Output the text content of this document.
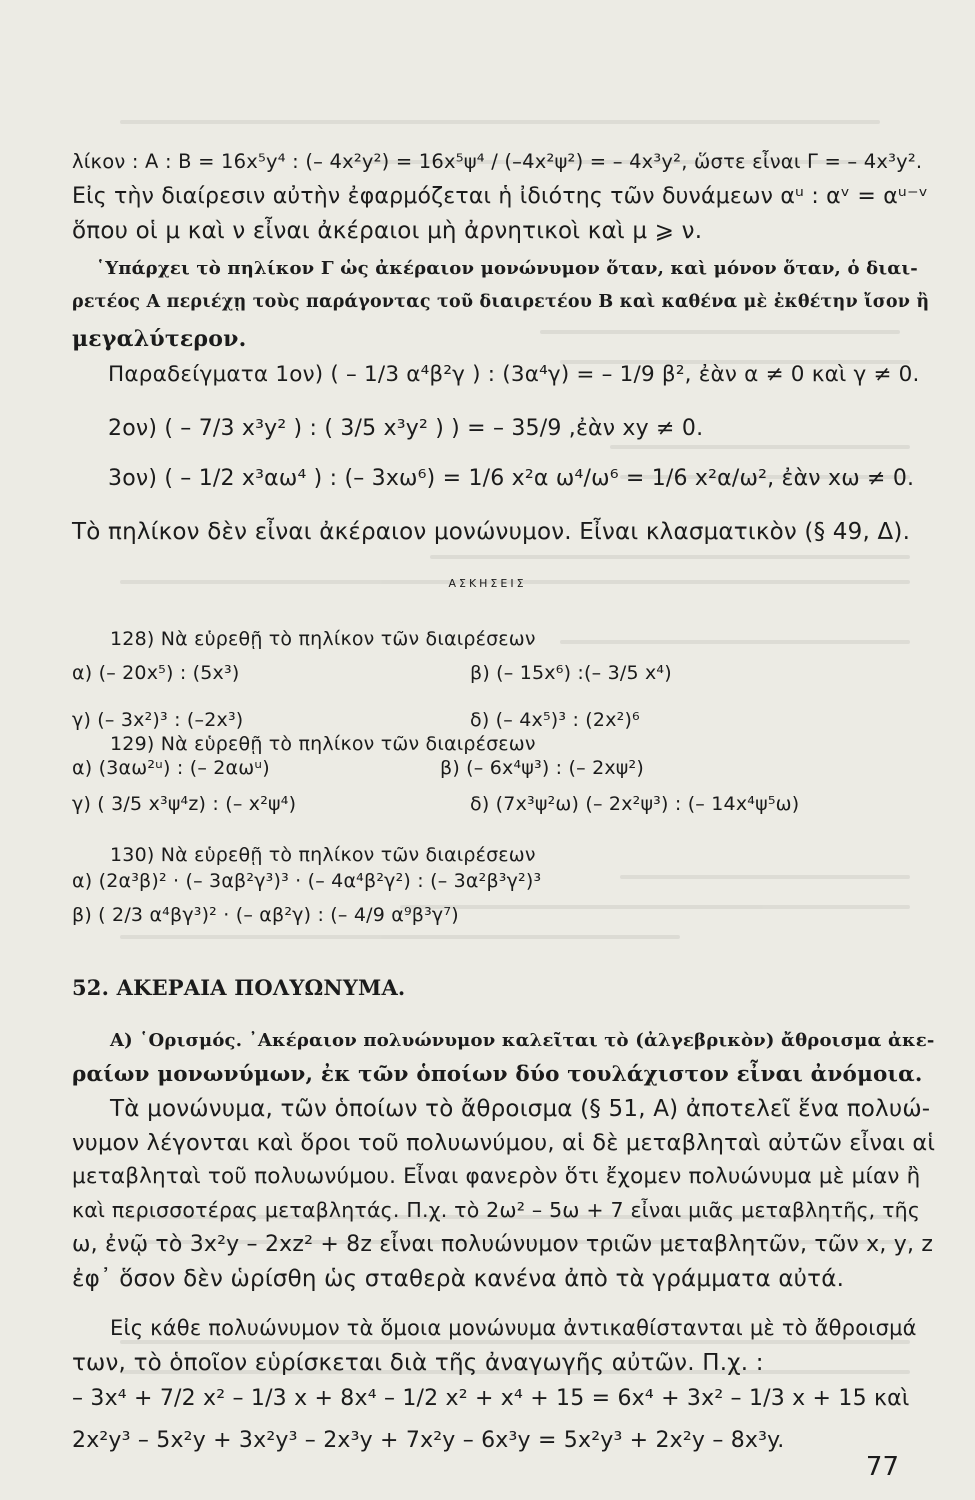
λίκον : Α : Β = 16x⁵y⁴ : (– 4x²y²) = 16x⁵ψ⁴ / (–4x²ψ²) = – 4x³y², ὥστε εἶναι Γ = – 4x³y².
Εἰς τὴν διαίρεσιν αὐτὴν ἐφαρμόζεται ἡ ἰδιότης τῶν δυνάμεων αᵘ : αᵛ = αᵘ⁻ᵛ
ὅπου οἱ μ καὶ ν εἶναι ἀκέραιοι μὴ ἀρνητικοὶ καὶ μ ⩾ ν.
῾Υπάρχει τὸ πηλίκον Γ ὡς ἀκέραιον μονώνυμον ὅταν, καὶ μόνον ὅταν, ὁ διαι-
ρετέος Α περιέχῃ τοὺς παράγοντας τοῦ διαιρετέου Β καὶ καθένα μὲ ἐκθέτην ἴσον ἢ
μεγαλύτερον.
Παραδείγματα 1ον) ( – 1/3 α⁴β²γ ) : (3α⁴γ) = – 1/9 β², ἐὰν α ≠ 0 καὶ γ ≠ 0.
2ον) ( – 7/3 x³y² ) : ( 3/5 x³y² ) ) = – 35/9 ,ἐὰν xy ≠ 0.
3ον) ( – 1/2 x³αω⁴ ) : (– 3xω⁶) = 1/6 x²α ω⁴/ω⁶ = 1/6 x²α/ω², ἐὰν xω ≠ 0.
Τὸ πηλίκον δὲν εἶναι ἀκέραιον μονώνυμον. Εἶναι κλασματικὸν (§ 49, Δ).
ΑΣΚΗΣΕΙΣ
128) Νὰ εὑρεθῇ τὸ πηλίκον τῶν διαιρέσεων
α) (– 20x⁵) : (5x³)	β) (– 15x⁶) :(– 3/5 x⁴)
γ) (– 3x²)³ : (–2x³)	δ) (– 4x⁵)³ : (2x²)⁶
129) Νὰ εὑρεθῇ τὸ πηλίκον τῶν διαιρέσεων
α) (3αω²ᵘ) : (– 2αωᵘ)	β) (– 6x⁴ψ³) : (– 2xψ²)
γ) ( 3/5 x³ψ⁴z) : (– x²ψ⁴)	δ) (7x³ψ²ω) (– 2x²ψ³) : (– 14x⁴ψ⁵ω)
130) Νὰ εὑρεθῇ τὸ πηλίκον τῶν διαιρέσεων
α) (2α³β)² · (– 3αβ²γ³)³ · (– 4α⁴β²γ²) : (– 3α²β³γ²)³
β) ( 2/3 α⁴βγ³)² · (– αβ²γ) : (– 4/9 α⁹β³γ⁷)
52. ΑΚΕΡΑΙΑ ΠΟΛΥΩΝΥΜΑ.
Α) ῾Ορισμός. ᾿Ακέραιον πολυώνυμον καλεῖται τὸ (ἀλγεβρικὸν) ἄθροισμα ἀκε-
ραίων μονωνύμων, ἐκ τῶν ὁποίων δύο τουλάχιστον εἶναι ἀνόμοια.
Τὰ μονώνυμα, τῶν ὁποίων τὸ ἄθροισμα (§ 51, Α) ἀποτελεῖ ἕνα πολυώ-
νυμον λέγονται καὶ ὅροι τοῦ πολυωνύμου, αἱ δὲ μεταβληταὶ αὐτῶν εἶναι αἱ
μεταβληταὶ τοῦ πολυωνύμου. Εἶναι φανερὸν ὅτι ἔχομεν πολυώνυμα μὲ μίαν ἢ
καὶ περισσοτέρας μεταβλητάς. Π.χ. τὸ 2ω² – 5ω + 7 εἶναι μιᾶς μεταβλητῆς, τῆς
ω, ἐνῷ τὸ 3x²y – 2xz² + 8z εἶναι πολυώνυμον τριῶν μεταβλητῶν, τῶν x, y, z
ἐφ᾿ ὅσον δὲν ὡρίσθη ὡς σταθερὰ κανένα ἀπὸ τὰ γράμματα αὐτά.
Εἰς κάθε πολυώνυμον τὰ ὅμοια μονώνυμα ἀντικαθίστανται μὲ τὸ ἄθροισμά
των, τὸ ὁποῖον εὑρίσκεται διὰ τῆς ἀναγωγῆς αὐτῶν. Π.χ. :
– 3x⁴ + 7/2 x² – 1/3 x + 8x⁴ – 1/2 x² + x⁴ + 15 = 6x⁴ + 3x² – 1/3 x + 15 καὶ
2x²y³ – 5x²y + 3x²y³ – 2x³y + 7x²y – 6x³y = 5x²y³ + 2x²y – 8x³y.
77
